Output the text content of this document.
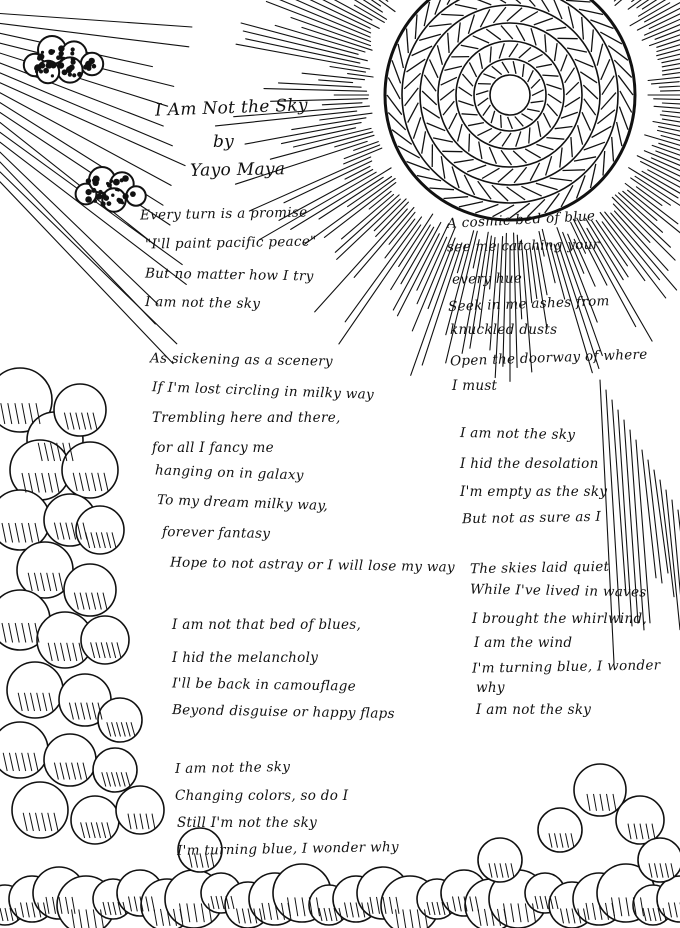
I Am Not the Sky
by
Yayo Maya
Every turn is a promise
"I'll paint pacific peace"
But no matter how I try
I am not the sky
As sickening as a scenery
If I'm lost circling in milky way
Trembling here and there,
for all I fancy me
hanging on in galaxy
To my dream milky way,
forever fantasy
Hope to not astray or I will lose my way
I am not that bed of blues,
I hid the melancholy
I'll be back in camouflage
Beyond disguise or happy flaps
I am not the sky
Changing colors, so do I
Still I'm not the sky
I'm turning blue, I wonder why
A cosmic bed of blue
see me catching your
every hue
Seek in me ashes from
knuckled dusts
Open the doorway of where
I must
I am not the sky
I hid the desolation
I'm empty as the sky
But not as sure as I
The skies laid quiet
While I've lived in waves
I brought the whirlwind,
I am the wind
I'm turning blue, I wonder
why
I am not the sky
